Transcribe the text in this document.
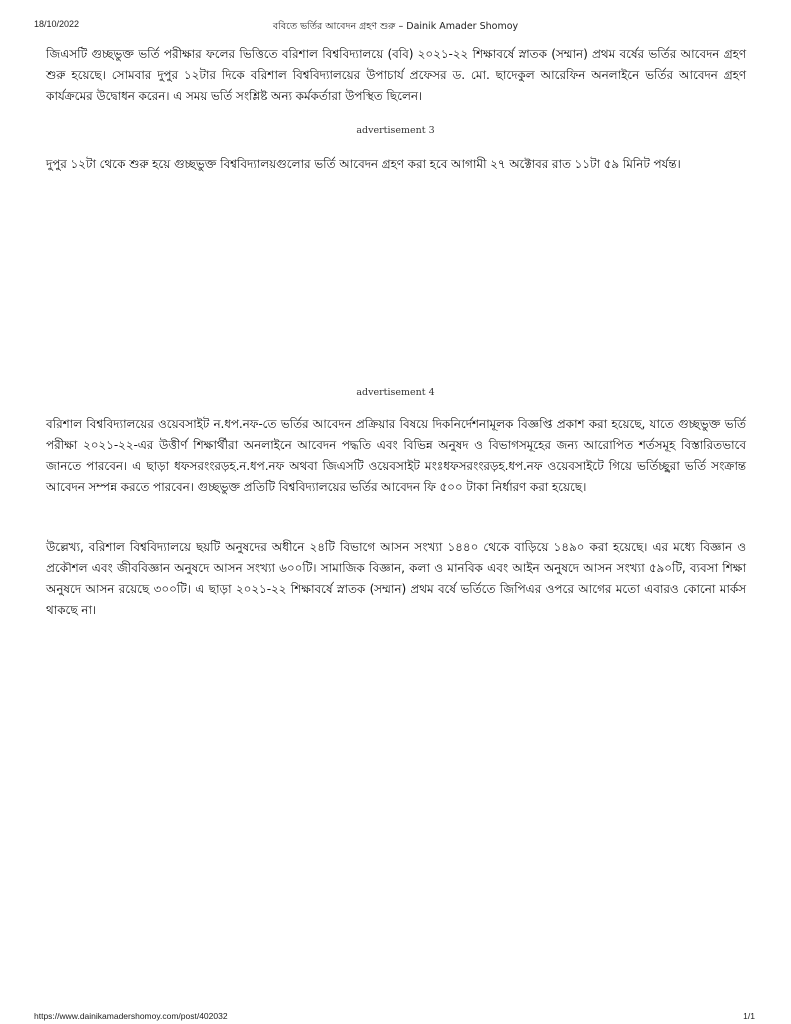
18/10/2022	ববিতে ভর্তির আবেদন গ্রহণ শুরু – Dainik Amader Shomoy
জিএসটি গুচ্ছভুক্ত ভর্তি পরীক্ষার ফলের ভিত্তিতে বরিশাল বিশ্ববিদ্যালয়ে (ববি) ২০২১-২২ শিক্ষাবর্ষে স্নাতক (সম্মান) প্রথম বর্ষের ভর্তির আবেদন গ্রহণ শুরু হয়েছে। সোমবার দুপুর ১২টার দিকে বরিশাল বিশ্ববিদ্যালয়ের উপাচার্য প্রফেসর ড. মো. ছাদেকুল আরেফিন অনলাইনে ভর্তির আবেদন গ্রহণ কার্যক্রমের উদ্বোধন করেন। এ সময় ভর্তি সংশ্লিষ্ট অন্য কর্মকর্তারা উপস্থিত ছিলেন।
advertisement 3
দুপুর ১২টা থেকে শুরু হয়ে গুচ্ছভুক্ত বিশ্ববিদ্যালয়গুলোর ভর্তি আবেদন গ্রহণ করা হবে আগামী ২৭ অক্টোবর রাত ১১টা ৫৯ মিনিট পর্যন্ত।
advertisement 4
বরিশাল বিশ্ববিদ্যালয়ের ওয়েবসাইট ন.ধপ.নফ-তে ভর্তির আবেদন প্রক্রিয়ার বিষয়ে দিকনির্দেশনামূলক বিজ্ঞপ্তি প্রকাশ করা হয়েছে, যাতে গুচ্ছভুক্ত ভর্তি পরীক্ষা ২০২১-২২-এর উত্তীর্ণ শিক্ষার্থীরা অনলাইনে আবেদন পদ্ধতি এবং বিভিন্ন অনুষদ ও বিভাগসমূহের জন্য আরোপিত শর্তসমূহ বিস্তারিতভাবে জানতে পারবেন। এ ছাড়া ধফসরংংরড়হ.ন.ধপ.নফ অথবা জিএসটি ওয়েবসাইট মংঃধফসরংংরড়হ.ধপ.নফ ওয়েবসাইটে গিয়ে ভর্তিচ্ছুরা ভর্তি সংক্রান্ত আবেদন সম্পন্ন করতে পারবেন। গুচ্ছভুক্ত প্রতিটি বিশ্ববিদ্যালয়ের ভর্তির আবেদন ফি ৫০০ টাকা নির্ধারণ করা হয়েছে।
উল্লেখ্য, বরিশাল বিশ্ববিদ্যালয়ে ছয়টি অনুষদের অধীনে ২৪টি বিভাগে আসন সংখ্যা ১৪৪০ থেকে বাড়িয়ে ১৪৯০ করা হয়েছে। এর মধ্যে বিজ্ঞান ও প্রকৌশল এবং জীববিজ্ঞান অনুষদে আসন সংখ্যা ৬০০টি। সামাজিক বিজ্ঞান, কলা ও মানবিক এবং আইন অনুষদে আসন সংখ্যা ৫৯০টি, ব্যবসা শিক্ষা অনুষদে আসন রয়েছে ৩০০টি। এ ছাড়া ২০২১-২২ শিক্ষাবর্ষে স্নাতক (সম্মান) প্রথম বর্ষে ভর্তিতে জিপিএর ওপরে আগের মতো এবারও কোনো মার্কস থাকছে না।
https://www.dainikamadershomoy.com/post/402032	1/1
